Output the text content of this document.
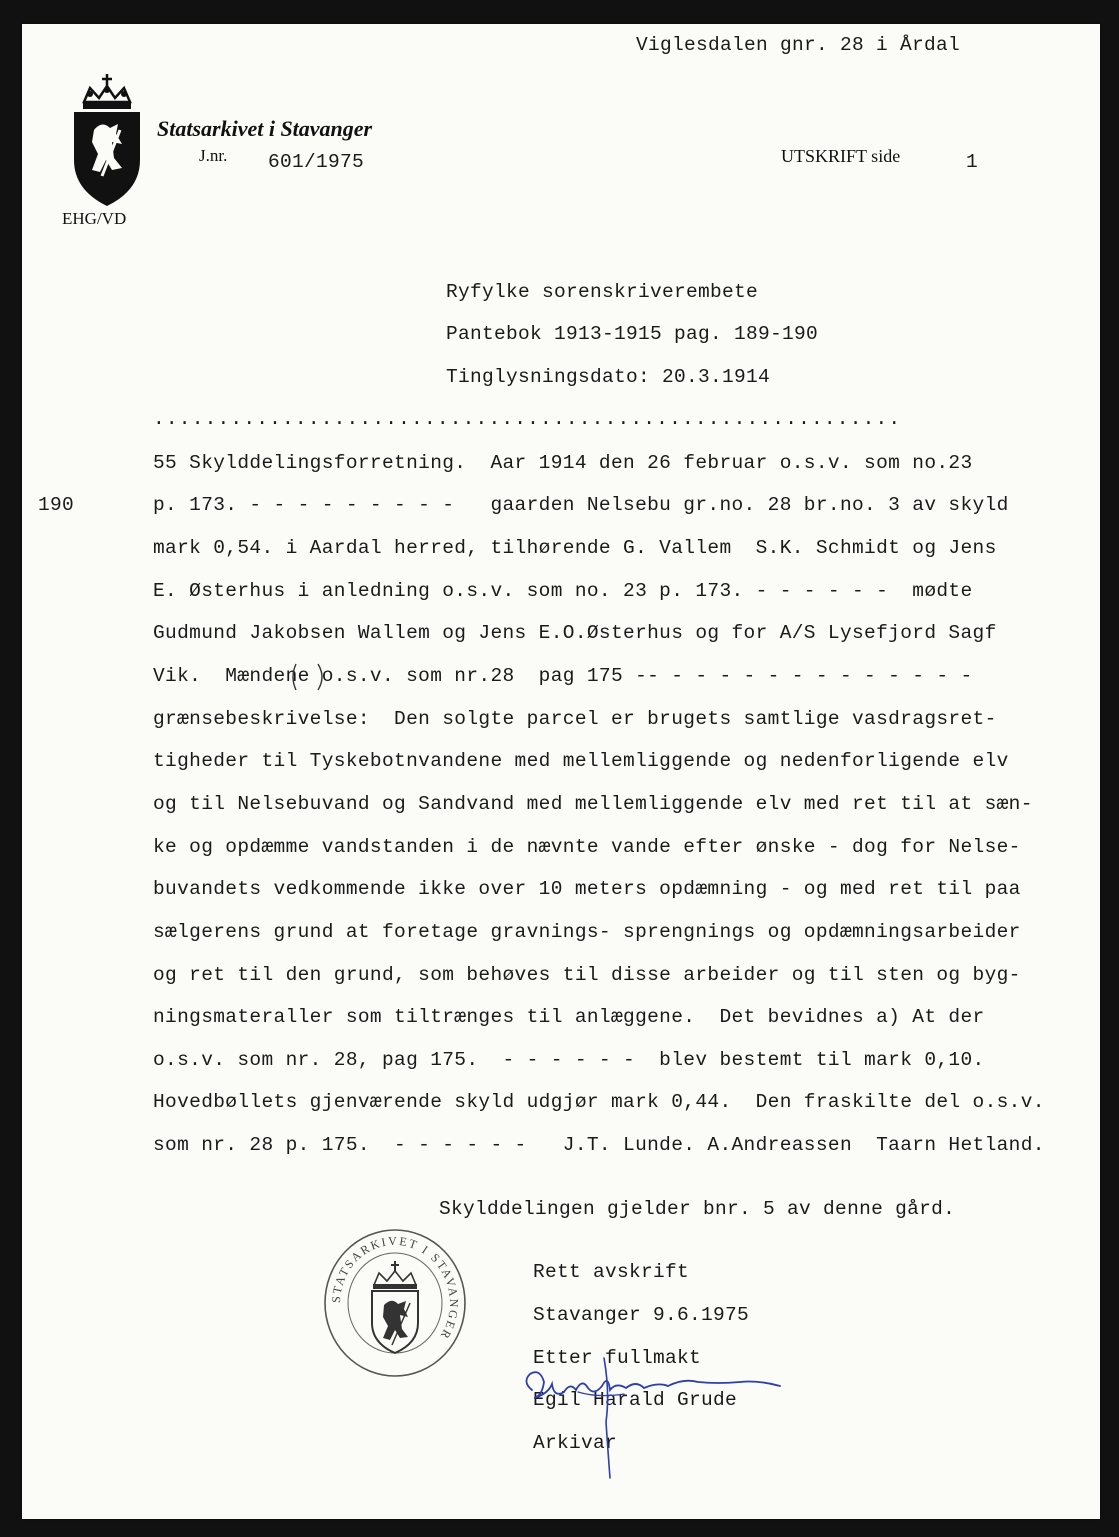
Statsarkivet i Stavanger
J.nr. 601/1975
EHG/VD
Viglesdalen gnr. 28 i Årdal
UTSKRIFT side	1
Ryfylke sorenskriverembete
Pantebok 1913-1915 pag. 189-190
Tinglysningsdato: 20.3.1914
..........................................................
190
55 Skylddelingsforretning.  Aar 1914 den 26 februar o.s.v. som no.23
p. 173. - - - - - - - - -   gaarden Nelsebu gr.no. 28 br.no. 3 av skyld
mark 0,54. i Aardal herred, tilhørende G. Vallem  S.K. Schmidt og Jens
E. Østerhus i anledning o.s.v. som no. 23 p. 173. - - - - - -  mødte
Gudmund Jakobsen Wallem og Jens E.O.Østerhus og for A/S Lysefjord Sagf
Vik.  Mændene o.s.v. som nr.28  pag 175 -- - - - - - - - - - - - - -
grænsebeskrivelse:  Den solgte parcel er brugets samtlige vasdragsret-
tigheder til Tyskebotnvandene med mellemliggende og nedenforligende elv
og til Nelsebuvand og Sandvand med mellemliggende elv med ret til at sæn-
ke og opdæmme vandstanden i de nævnte vande efter ønske - dog for Nelse-
buvandets vedkommende ikke over 10 meters opdæmning - og med ret til paa
sælgerens grund at foretage gravnings- sprengnings og opdæmningsarbeider
og ret til den grund, som behøves til disse arbeider og til sten og byg-
ningsmateraller som tiltrænges til anlæggene.  Det bevidnes a) At der
o.s.v. som nr. 28, pag 175.  - - - - - -  blev bestemt til mark 0,10.
Hovedbøllets gjenværende skyld udgjør mark 0,44.  Den fraskilte del o.s.v.
som nr. 28 p. 175.  - - - - - -   J.T. Lunde. A.Andreassen  Taarn Hetland.
Skylddelingen gjelder bnr. 5 av denne gård.
STATSARKIVET I STAVANGER
Rett avskrift
Stavanger 9.6.1975
Etter fullmakt
Egil Harald Grude
Arkivar
